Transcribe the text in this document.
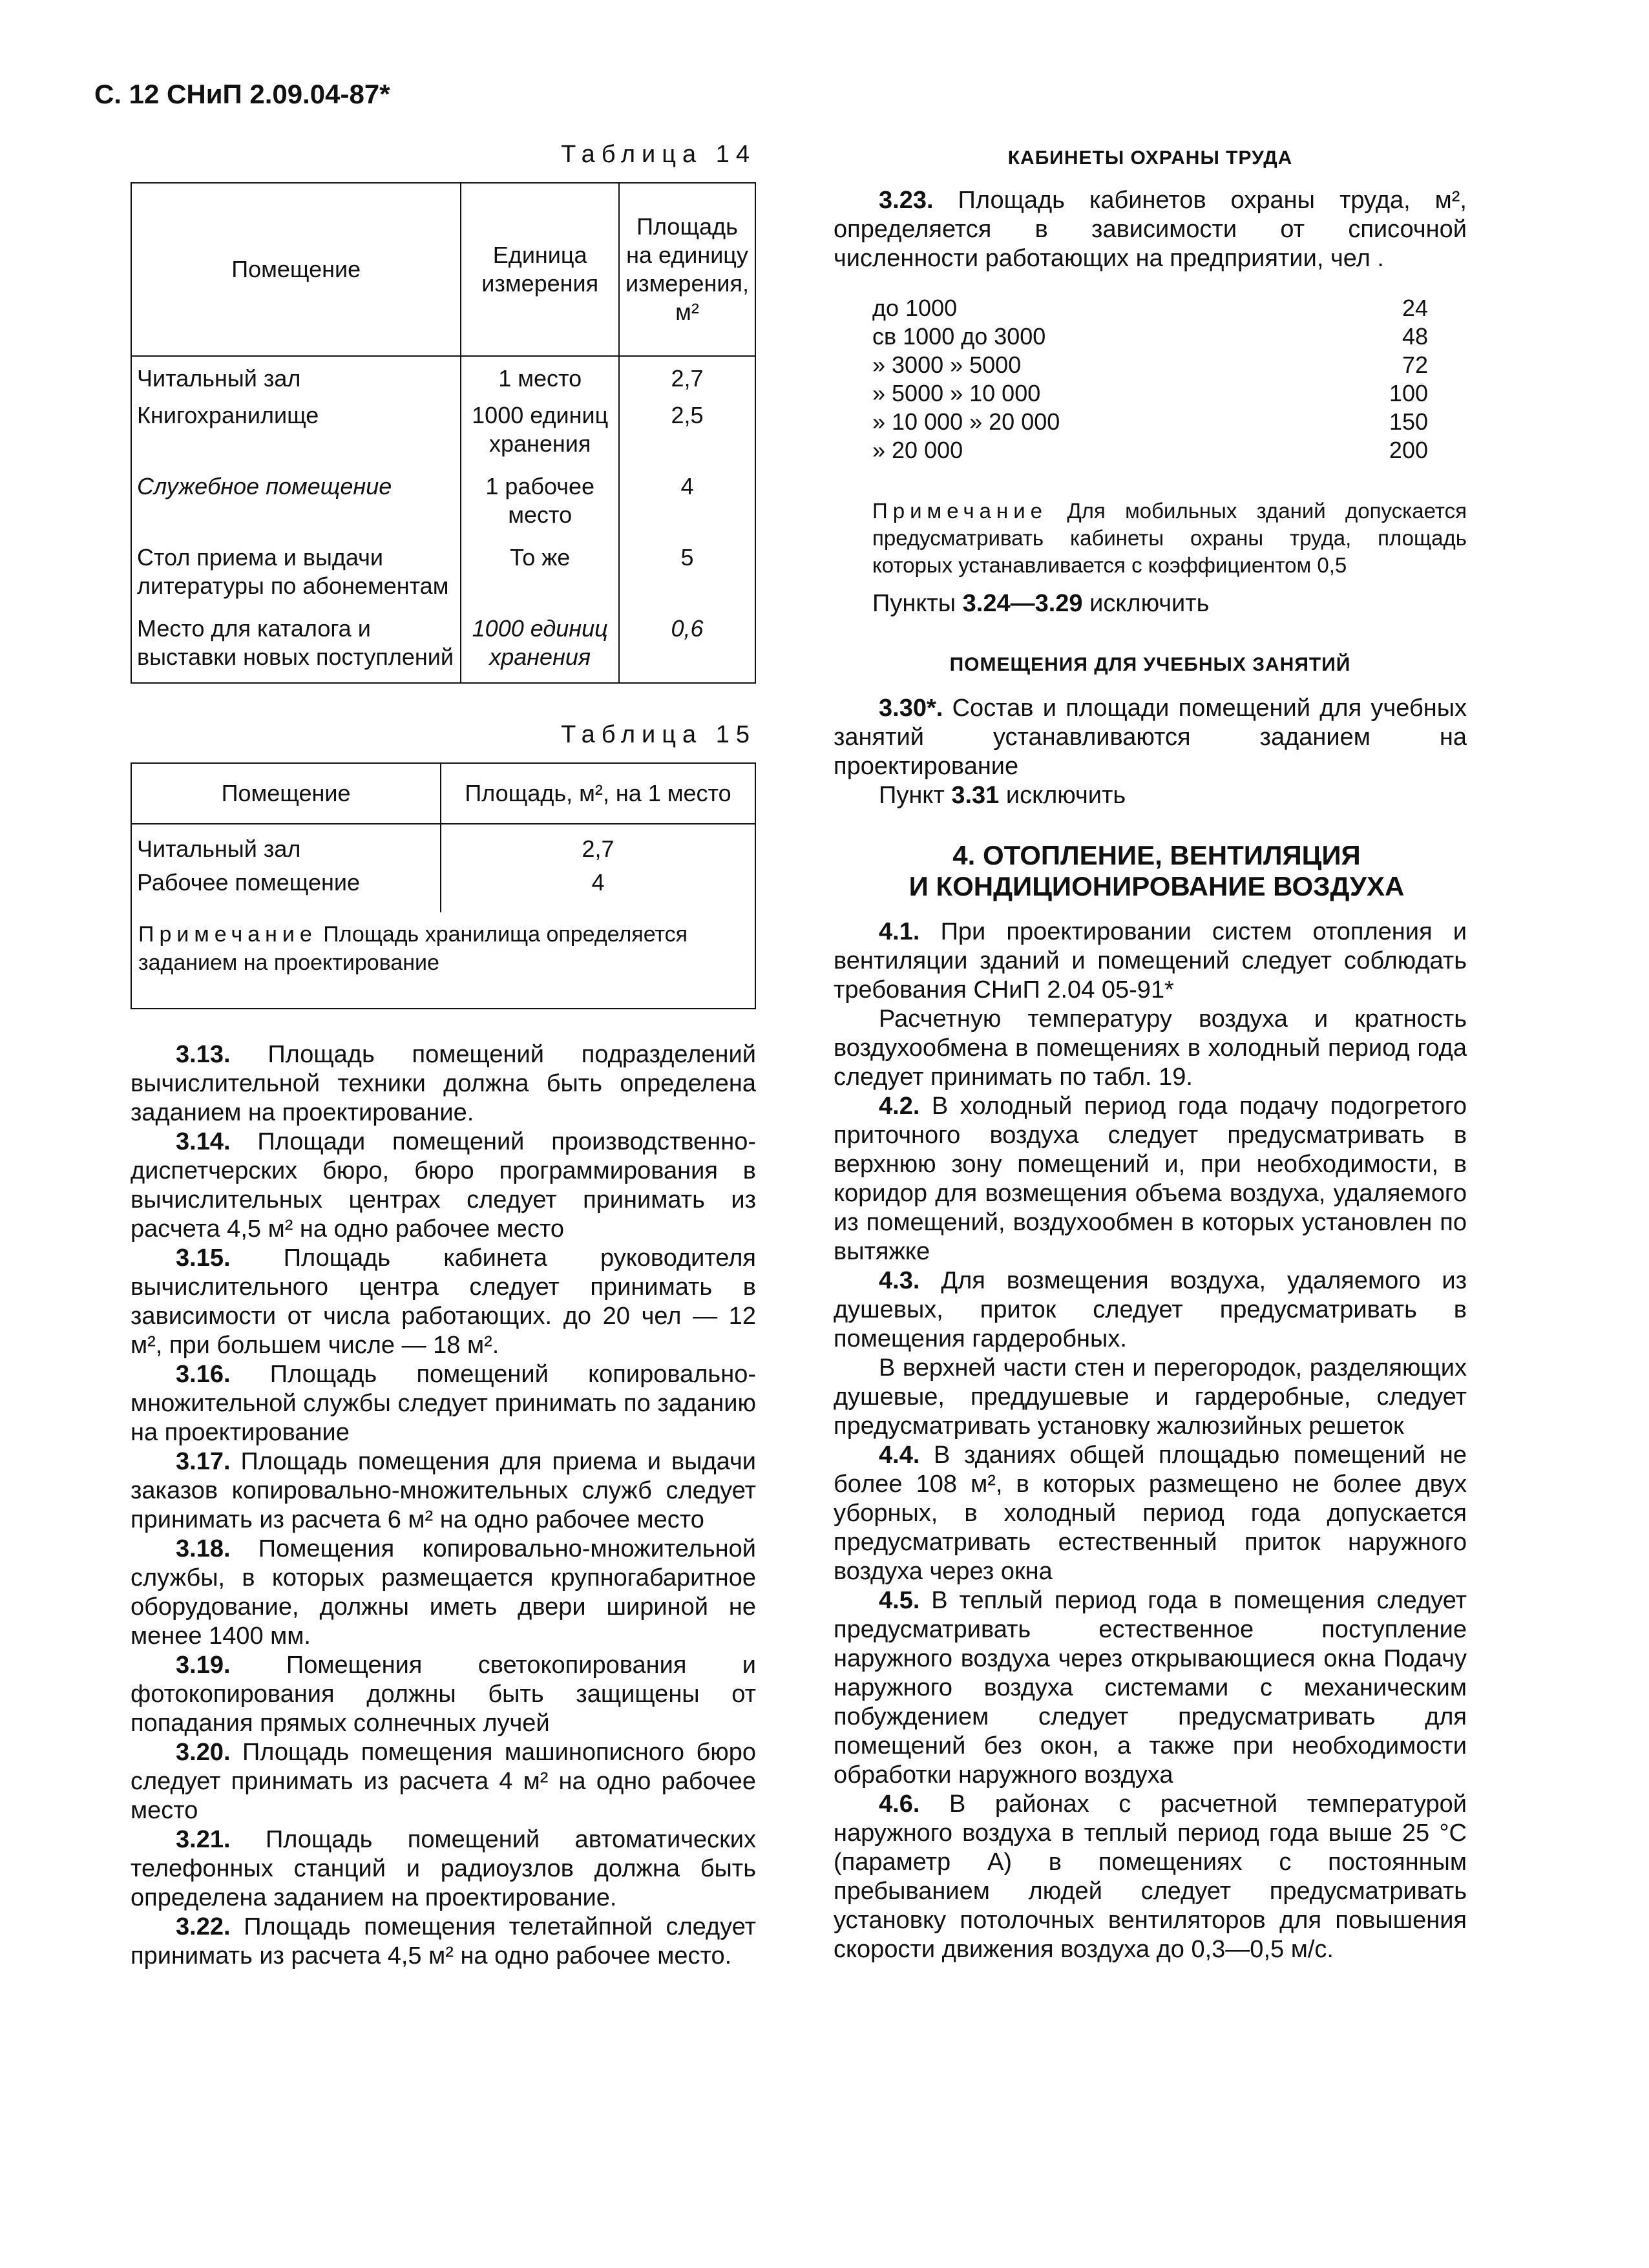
С. 12 СНиП 2.09.04-87*
Таблица 14
Помещение	Единица измерения	Площадь на единицу измерения, м²
Читальный зал	1 место	2,7
Книгохранилище	1000 единиц хранения	2,5
Служебное помещение	1 рабочее место	4
Стол приема и выдачи литературы по абонементам	То же	5
Место для каталога и выставки новых поступлений	1000 единиц хранения	0,6
Таблица 15
Помещение	Площадь, м², на 1 место
Читальный зал	2,7
Рабочее помещение	4
Примечание Площадь хранилища определяется заданием на проектирование

3.13. Площадь помещений подразделений вычислительной техники должна быть определена заданием на проектирование.

3.14. Площади помещений производственно-диспетчерских бюро, бюро программирования в вычислительных центрах следует принимать из расчета 4,5 м² на одно рабочее место

3.15. Площадь кабинета руководителя вычислительного центра следует принимать в зависимости от числа работающих. до 20 чел — 12 м², при большем числе — 18 м².

3.16. Площадь помещений копировально-множительной службы следует принимать по заданию на проектирование

3.17. Площадь помещения для приема и выдачи заказов копировально-множительных служб следует принимать из расчета 6 м² на одно рабочее место

3.18. Помещения копировально-множительной службы, в которых размещается крупногабаритное оборудование, должны иметь двери шириной не менее 1400 мм.

3.19. Помещения светокопирования и фотокопирования должны быть защищены от попадания прямых солнечных лучей

3.20. Площадь помещения машинописного бюро следует принимать из расчета 4 м² на одно рабочее место

3.21. Площадь помещений автоматических телефонных станций и радиоузлов должна быть определена заданием на проектирование.

3.22. Площадь помещения телетайпной следует принимать из расчета 4,5 м² на одно рабочее место.

КАБИНЕТЫ ОХРАНЫ ТРУДА

3.23. Площадь кабинетов охраны труда, м², определяется в зависимости от списочной численности работающих на предприятии, чел .

до 1000	24
св 1000 до 3000	48
» 3000 » 5000	72
» 5000 » 10 000	100
» 10 000 » 20 000	150
» 20 000	200
Примечание Для мобильных зданий допускается предусматривать кабинеты охраны труда, площадь которых устанавливается с коэффициентом 0,5

Пункты 3.24—3.29 исключить

ПОМЕЩЕНИЯ ДЛЯ УЧЕБНЫХ ЗАНЯТИЙ

3.30*. Состав и площади помещений для учебных занятий устанавливаются заданием на проектирование

Пункт 3.31 исключить

4. ОТОПЛЕНИЕ, ВЕНТИЛЯЦИЯ
И КОНДИЦИОНИРОВАНИЕ ВОЗДУХА

4.1. При проектировании систем отопления и вентиляции зданий и помещений следует соблюдать требования СНиП 2.04 05-91*

Расчетную температуру воздуха и кратность воздухообмена в помещениях в холодный период года следует принимать по табл. 19.

4.2. В холодный период года подачу подогретого приточного воздуха следует предусматривать в верхнюю зону помещений и, при необходимости, в коридор для возмещения объема воздуха, удаляемого из помещений, воздухообмен в которых установлен по вытяжке

4.3. Для возмещения воздуха, удаляемого из душевых, приток следует предусматривать в помещения гардеробных.

В верхней части стен и перегородок, разделяющих душевые, преддушевые и гардеробные, следует предусматривать установку жалюзийных решеток

4.4. В зданиях общей площадью помещений не более 108 м², в которых размещено не более двух уборных, в холодный период года допускается предусматривать естественный приток наружного воздуха через окна

4.5. В теплый период года в помещения следует предусматривать естественное поступление наружного воздуха через открывающиеся окна Подачу наружного воздуха системами с механическим побуждением следует предусматривать для помещений без окон, а также при необходимости обработки наружного воздуха

4.6. В районах с расчетной температурой наружного воздуха в теплый период года выше 25 °С (параметр А) в помещениях с постоянным пребыванием людей следует предусматривать установку потолочных вентиляторов для повышения скорости движения воздуха до 0,3—0,5 м/с.
